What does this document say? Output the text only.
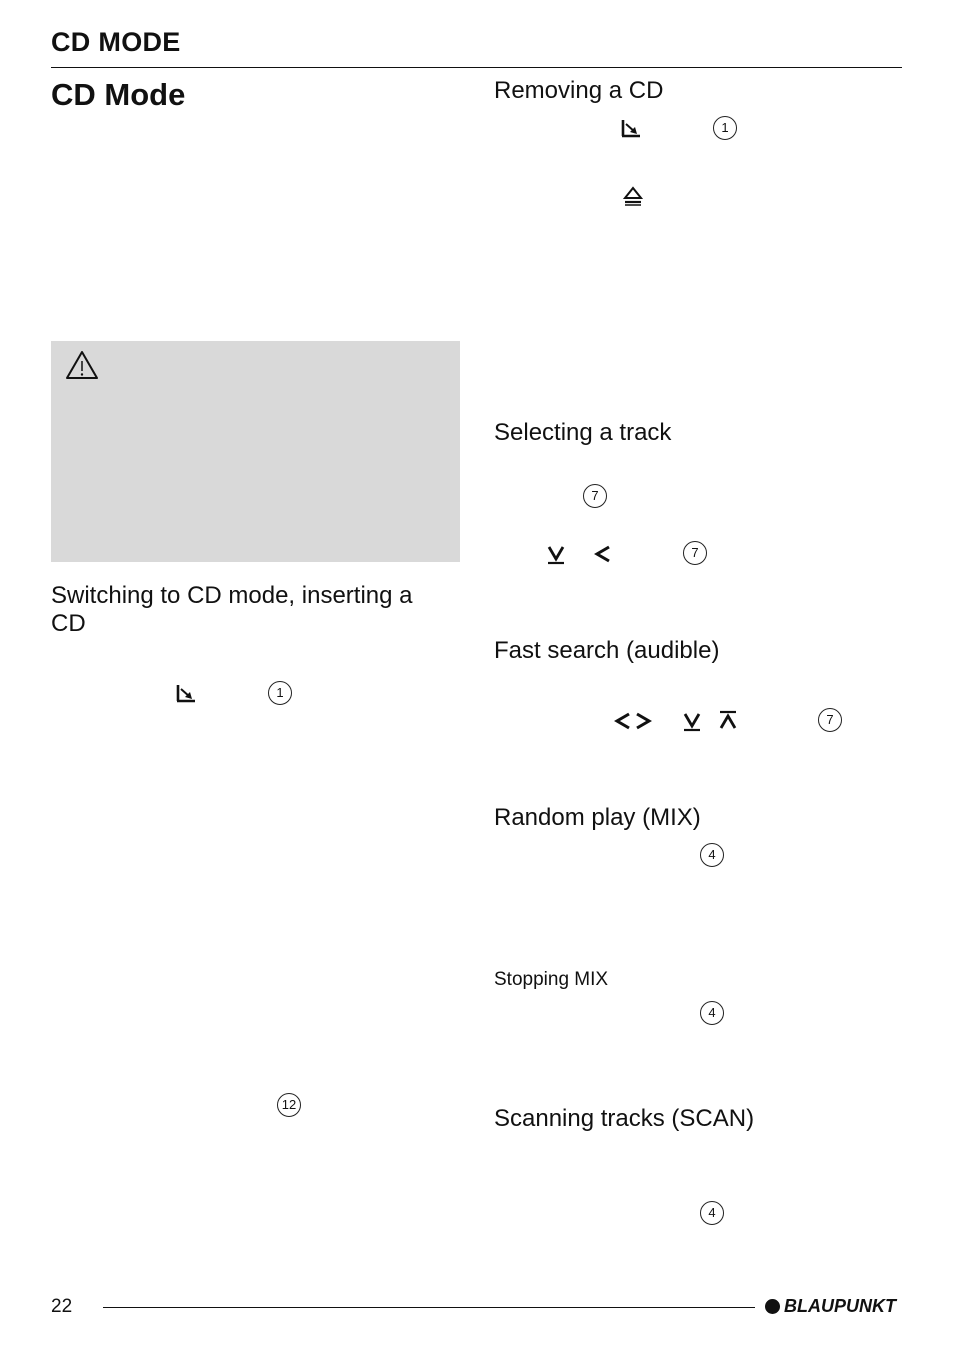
CD MODE
CD Mode
Switching to CD mode, inserting a CD
1
12
Removing a CD
1
Selecting a track
7
7
Fast search (audible)
7
Random play (MIX)
4
Stopping MIX
4
Scanning tracks (SCAN)
4
22	BLAUPUNKT
